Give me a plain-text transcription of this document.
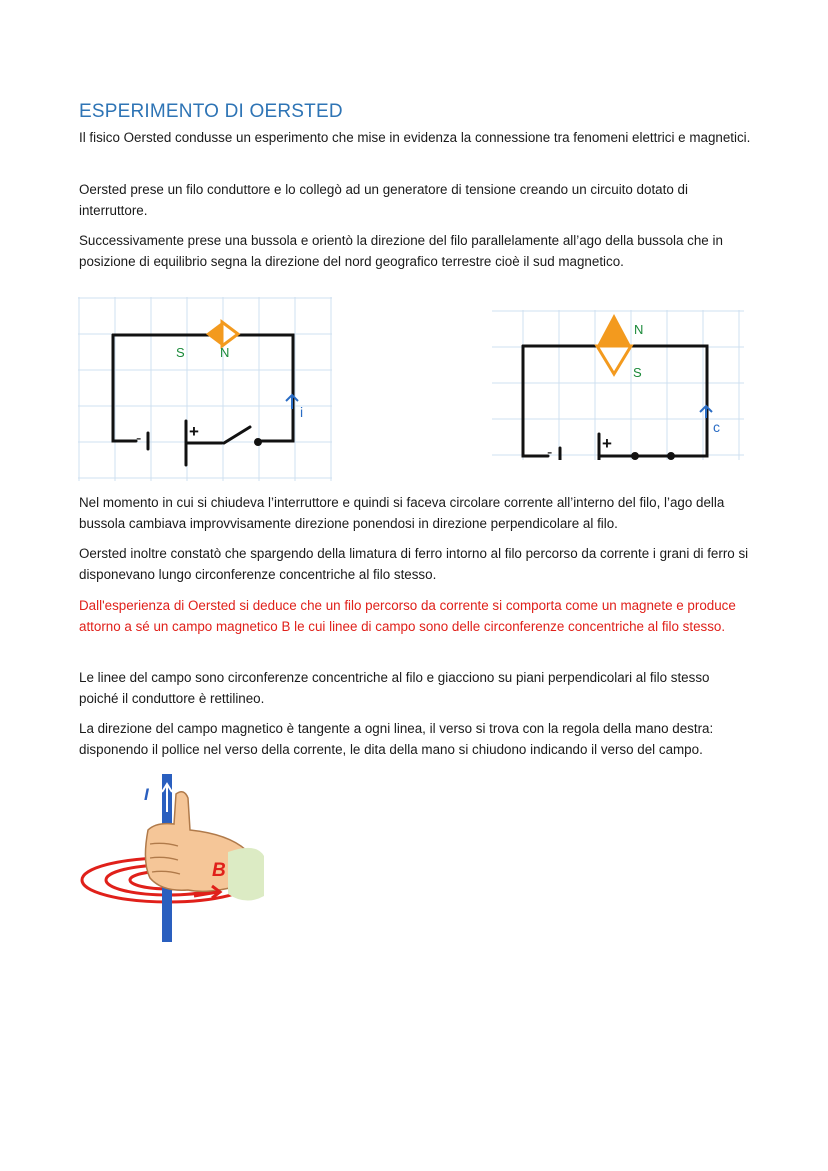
ESPERIMENTO DI OERSTED

Il fisico Oersted condusse un esperimento che mise in evidenza la connessione tra fenomeni elettrici e magnetici.

Oersted prese un filo conduttore e lo collegò ad un generatore di tensione creando un circuito dotato di interruttore.

Successivamente prese una bussola e orientò la direzione del filo parallelamente all’ago della bussola che in posizione di equilibrio segna la direzione del nord geografico terrestre cioè il sud magnetico.

S	N
-	+
i
N
S
-	+
c

Nel momento in cui si chiudeva l’interruttore e quindi si faceva circolare corrente all’interno del filo, l’ago della bussola cambiava improvvisamente direzione ponendosi in direzione perpendicolare al filo.

Oersted inoltre constatò che spargendo della limatura di ferro intorno al filo percorso da corrente i grani di ferro si disponevano lungo circonferenze concentriche al filo stesso.

Dall'esperienza di Oersted si deduce che un filo percorso da corrente si comporta come un magnete e produce attorno a sé un campo magnetico B le cui linee di campo sono delle circonferenze concentriche al filo stesso.

Le linee del campo sono circonferenze concentriche al filo e giacciono su piani perpendicolari al filo stesso poiché il conduttore è rettilineo.

La direzione del campo magnetico è tangente a ogni linea, il verso si trova con la regola della mano destra: disponendo il pollice nel verso della corrente, le dita della mano si chiudono indicando il verso del campo.

I
B
